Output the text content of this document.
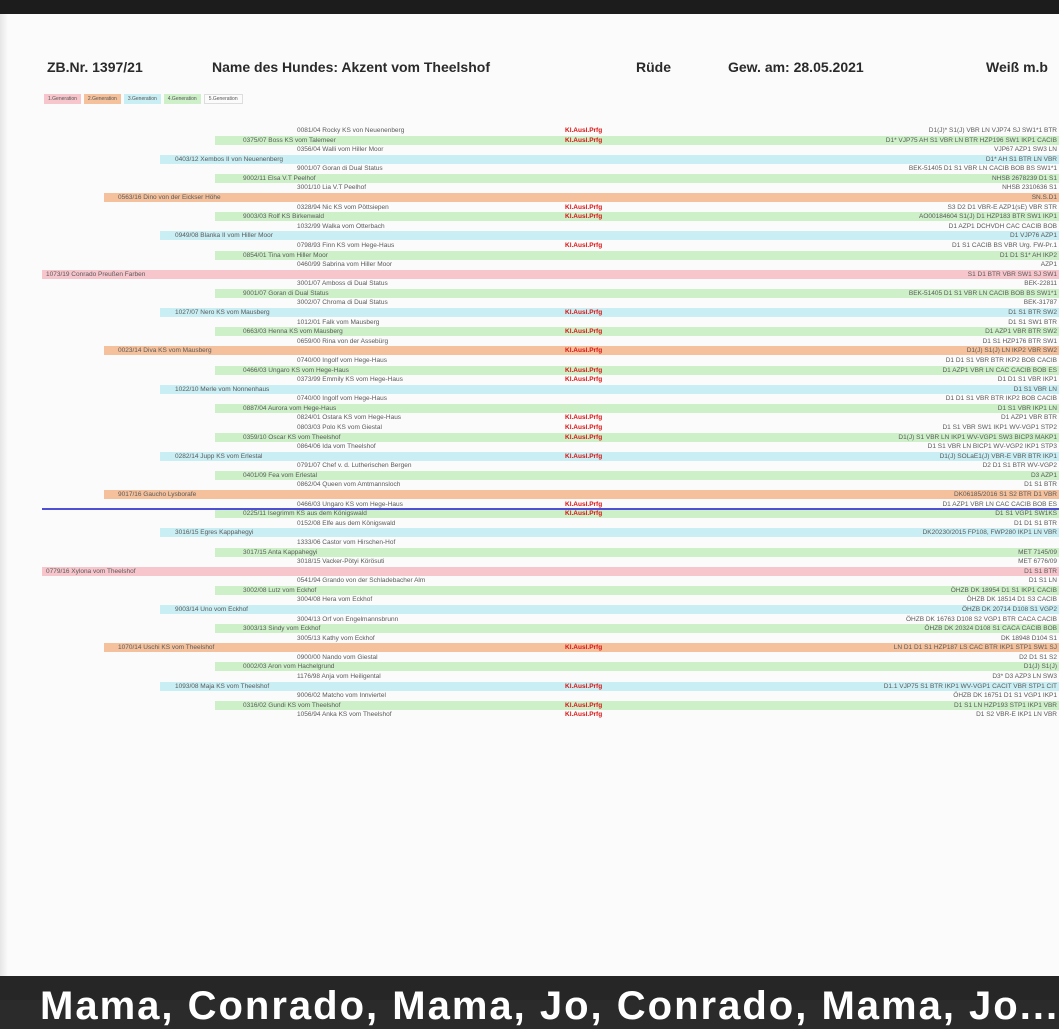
ZB.Nr. 1397/21	Name des Hundes: Akzent vom Theelshof	Rüde	Gew. am: 28.05.2021	Weiß m.b
1.Generation	2.Generation	3.Generation	4.Generation	5.Generation
0081/04 Rocky KS von Neuenenberg	Kl.Ausl.Prfg	D1(J)* S1(J) VBR LN VJP74 SJ SW1*1 BTR
0375/07 Boss KS vom Talemeer	Kl.Ausl.Prfg	D1* VJP75 AH S1 VBR LN BTR HZP196 SW1 IKP1 CACIB
0356/04 Walli vom Hiller Moor	VJP67 AZP1 SW3 LN
0403/12 Xembos II von Neuenenberg	D1* AH S1 BTR LN VBR
9001/07 Goran di Dual Status	BEK-51405 D1 S1 VBR LN CACIB BOB BS SW1*1
9002/11 Elsa V.T Peelhof	NHSB 2678239 D1 S1
3001/10 Lia V.T Peelhof	NHSB 2310636 S1
0563/16 Dino von der Eickser Höhe	SN.S.D1
0328/94 Nic KS vom Pöttsiepen	Kl.Ausl.Prfg	S3 D2 D1 VBR-E AZP1(sE) VBR STR
9003/03 Rolf KS Birkenwald	Kl.Ausl.Prfg	AO00184604 S1(J) D1 HZP183 BTR SW1 IKP1
1032/99 Walka vom Otterbach	D1 AZP1 DCHVDH CAC CACIB BOB
0949/08 Blanka II vom Hiller Moor	D1 VJP76 AZP1
0798/93 Finn KS vom Hege-Haus	Kl.Ausl.Prfg	D1 S1 CACIB BS VBR Urg. FW-Pr.1
0854/01 Tina vom Hiller Moor	D1 D1 S1* AH IKP2
0460/99 Sabrina vom Hiller Moor	AZP1
1073/19 Conrado Preußen Farben	S1 D1 BTR VBR SW1 SJ SW1
3001/07 Amboss di Dual Status	BEK-22811
9001/07 Goran di Dual Status	BEK-51405 D1 S1 VBR LN CACIB BOB BS SW1*1
3002/07 Chroma di Dual Status	BEK-31787
1027/07 Nero KS vom Mausberg	Kl.Ausl.Prfg	D1 S1 BTR SW2
1012/01 Falk vom Mausberg	D1 S1 SW1 BTR
0663/03 Henna KS vom Mausberg	Kl.Ausl.Prfg	D1 AZP1 VBR BTR SW2
0659/00 Rina von der Assebürg	D1 S1 HZP176 BTR SW1
0023/14 Diva KS vom Mausberg	Kl.Ausl.Prfg	D1(J) S1(J) LN IKP2 VBR SW2
0740/00 Ingolf vom Hege-Haus	D1 D1 S1 VBR BTR IKP2 BOB CACIB
0466/03 Ungaro KS vom Hege-Haus	Kl.Ausl.Prfg	D1 AZP1 VBR LN CAC CACIB BOB ES
0373/99 Emmily KS vom Hege-Haus	Kl.Ausl.Prfg	D1 D1 S1 VBR IKP1
1022/10 Merle vom Nonnenhaus	D1 S1 VBR LN
0740/00 Ingolf vom Hege-Haus	D1 D1 S1 VBR BTR IKP2 BOB CACIB
0887/04 Aurora vom Hege-Haus	D1 S1 VBR IKP1 LN
0824/01 Ostara KS vom Hege-Haus	Kl.Ausl.Prfg	D1 AZP1 VBR BTR
0803/03 Polo KS vom Giestal	Kl.Ausl.Prfg	D1 S1 VBR SW1 IKP1 WV-VGP1 STP2
0359/10 Oscar KS vom Theelshof	Kl.Ausl.Prfg	D1(J) S1 VBR LN IKP1 WV-VGP1 SW3 BICP3 MAKP1
0864/06 Ida vom Theelshof	D1 S1 VBR LN BICP1 WV-VGP2 IKP1 STP3
0282/14 Jupp KS vom Erlestal	Kl.Ausl.Prfg	D1(J) SOLaE1(J) VBR-E VBR BTR IKP1
0791/07 Chef v. d. Lutherischen Bergen	D2 D1 S1 BTR WV-VGP2
0401/09 Fea vom Erlestal	D3 AZP1
0862/04 Queen vom Amtmannsloch	D1 S1 BTR
9017/16 Gaucho Lysborafe	DK06185/2016 S1 S2 BTR D1 VBR
0466/03 Ungaro KS vom Hege-Haus	Kl.Ausl.Prfg	D1 AZP1 VBR LN CAC CACIB BOB ES
0225/11 Isegrimm KS aus dem Königswald	Kl.Ausl.Prfg	D1 S1 VGP1 SW1KS
0152/08 Elfe aus dem Königswald	D1 D1 S1 BTR
3016/15 Egres Kappahegyi	DK20230/2015 FP108, FWP280 IKP1 LN VBR
1333/06 Castor vom Hirschen-Hof
3017/15 Anta Kappahegyi	MET 7145/09
3018/15 Vacker-Pötyi Körösuti	MET 6776/09
0779/16 Xylona vom Theelshof	D1 S1 BTR
0541/94 Grando von der Schladebacher Alm	D1 S1 LN
3002/08 Lutz vom Eckhof	ÖHZB DK 18954 D1 S1 IKP1 CACIB
3004/08 Hera vom Eckhof	ÖHZB DK 18514 D1 S3 CACIB
9003/14 Uno vom Eckhof	ÖHZB DK 20714 D108 S1 VGP2
3004/13 Orf von Engelmannsbrunn	ÖHZB DK 16763 D108 S2 VGP1 BTR CACA CACIB
3003/13 Sindy vom Eckhof	ÖHZB DK 20324 D108 S1 CACA CACIB BOB
3005/13 Kathy vom Eckhof	DK 18948 D104 S1
1070/14 Uschi KS vom Theelshof	Kl.Ausl.Prfg	LN D1 D1 S1 HZP187 LS CAC BTR IKP1 STP1 SW1 SJ
0900/00 Nando vom Giestal	D2 D1 S1 S2
0002/03 Aron vom Hachelgrund	D1(J) S1(J)
1176/98 Anja vom Heiligental	D3* D3 AZP3 LN SW3
1093/08 Maja KS vom Theelshof	Kl.Ausl.Prfg	D1.1 VJP75 S1 BTR IKP1 WV-VGP1 CACIT VBR STP1 CIT
9006/02 Matcho vom Innviertel	ÖHZB DK 16751 D1 S1 VGP1 IKP1
0316/02 Gundi KS vom Theelshof	Kl.Ausl.Prfg	D1 S1 LN HZP193 STP1 IKP1 VBR
1056/94 Anka KS vom Theelshof	Kl.Ausl.Prfg	D1 S2 VBR-E IKP1 LN VBR
Mama, Conrado, Mama, Jo, Conrado, Mama, Jo...
